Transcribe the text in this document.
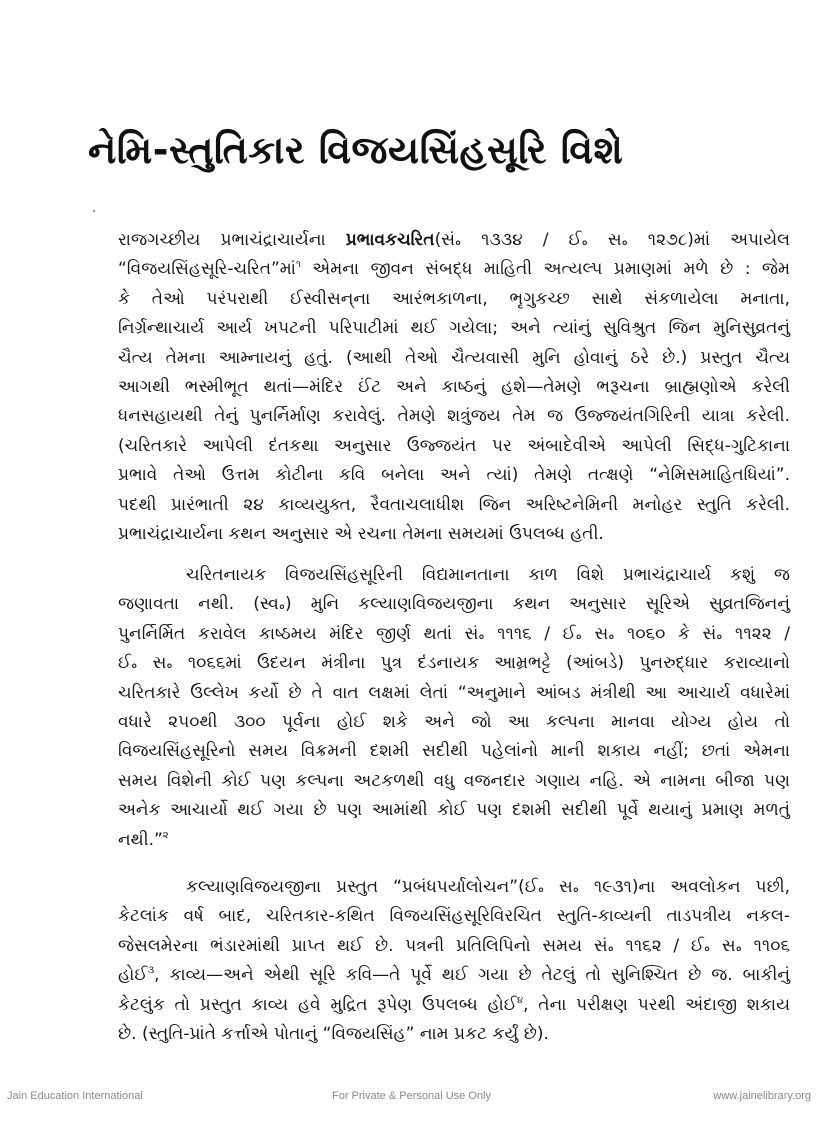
નેમિ-સ્તુતિકાર વિજયસિંહસૂરિ વિશે
રાજગચ્છીય પ્રભાચંદ્રાચાર્યના પ્રભાવકચરિત(સં૰ ૧૩૩૪ / ઈ૰ સ૰ ૧૨૭૮)માં અપાયેલ
“વિજયસિંહસૂરિ-ચરિત”માં$^૧$ એમના જીવન સંબદ્ધ માહિતી અત્યલ્પ પ્રમાણમાં મળે છે : જેમ
કે તેઓ પરંપરાથી ઈસ્વીસન્‌ના આરંભકાળના, ભૃગુકચ્છ સાથે સંકળાયેલા મનાતા,
નિર્ગ્રન્થાચાર્ય આર્ય ખપટની પરિપાટીમાં થઈ ગયેલા; અને ત્યાંનું સુવિશ્રુત જિન મુનિસુવ્રતનું
ચૈત્ય તેમના આમ્નાયનું હતું. (આથી તેઓ ચૈત્યવાસી મુનિ હોવાનું ઠરે છે.) પ્રસ્તુત ચૈત્ય
આગથી ભસ્મીભૂત થતાં—મંદિર ઈંટ અને કાષ્ઠનું હશે—તેમણે ભરૂચના બ્રાહ્મણોએ કરેલી
ધનસહાયથી તેનું પુનર્નિર્માણ કરાવેલું. તેમણે શત્રુંજય તેમ જ ઉજ્જયંતગિરિની યાત્રા કરેલી.
(ચરિતકારે આપેલી દંતકથા અનુસાર ઉજ્જયંત પર અંબાદેવીએ આપેલી સિદ્ધ-ગુટિકાના
પ્રભાવે તેઓ ઉત્તમ કોટીના કવિ બનેલા અને ત્યાં) તેમણે તત્ક્ષણે “નેમિસમાહિતધિયાં”.
પદથી પ્રારંભાતી ૨૪ કાવ્યયુક્ત, રૈવતાચલાધીશ જિન અરિષ્ટનેમિની મનોહર સ્તુતિ કરેલી.
પ્રભાચંદ્રાચાર્યના કથન અનુસાર એ રચના તેમના સમયમાં ઉપલબ્ધ હતી.
ચરિતનાયક વિજયસિંહસૂરિની વિદ્યમાનતાના કાળ વિશે પ્રભાચંદ્રાચાર્ય કશું જ
જણાવતા નથી. (સ્વ૰) મુનિ કલ્યાણવિજયજીના કથન અનુસાર સૂરિએ સુવ્રતજિનનું
પુનર્નિર્મિત કરાવેલ કાષ્ઠમય મંદિર જીર્ણ થતાં સં૰ ૧૧૧૬ / ઈ૰ સ૰ ૧૦૬૦ કે સં૰ ૧૧૨૨ /
ઈ૰ સ૰ ૧૦૬૬માં ઉદયન મંત્રીના પુત્ર દંડનાયક આમ્રભટ્ટે (આંબડે) પુનરુદ્ધાર કરાવ્યાનો
ચરિતકારે ઉલ્લેખ કર્યો છે તે વાત લક્ષમાં લેતાં “અનુમાને આંબડ મંત્રીથી આ આચાર્ય વધારેમાં
વધારે ૨૫૦થી ૩૦૦ પૂર્વના હોઈ શકે અને જો આ કલ્પના માનવા યોગ્ય હોય તો
વિજયસિંહસૂરિનો સમય વિક્રમની દશમી સદીથી પહેલાંનો માની શકાય નહીં; છતાં એમના
સમય વિશેની કોઈ પણ કલ્પના અટકળથી વધુ વજનદાર ગણાય નહિ. એ નામના બીજા પણ
અનેક આચાર્યો થઈ ગયા છે પણ આમાંથી કોઈ પણ દશમી સદીથી પૂર્વે થયાનું પ્રમાણ મળતું
નથી.”$^૨$
કલ્યાણવિજયજીના પ્રસ્તુત “પ્રબંધપર્યાલોચન”(ઈ૰ સ૰ ૧૯૩૧)ના અવલોકન પછી,
કેટલાંક વર્ષ બાદ, ચરિતકાર-કથિત વિજયસિંહસૂરિવિરચિત સ્તુતિ-કાવ્યની તાડપત્રીય નકલ-
જેસલમેરના ભંડારમાંથી પ્રાપ્ત થઈ છે. પત્રની પ્રતિલિપિનો સમય સં૰ ૧૧૬૨ / ઈ૰ સ૰ ૧૧૦૬
હોઈ$^૩$, કાવ્ય—અને એથી સૂરિ કવિ—તે પૂર્વે થઈ ગયા છે તેટલું તો સુનિશ્ચિત છે જ. બાકીનું
કેટલુંક તો પ્રસ્તુત કાવ્ય હવે મુદ્રિત રૂપેણ ઉપલબ્ધ હોઈ$^૪$, તેના પરીક્ષણ પરથી અંદાજી શકાય
છે. (સ્તુતિ-પ્રાંતે કર્ત્તાએ પોતાનું “વિજયસિંહ” નામ પ્રકટ કર્યું છે).
Jain Education International	For Private & Personal Use Only	www.jainelibrary.org
